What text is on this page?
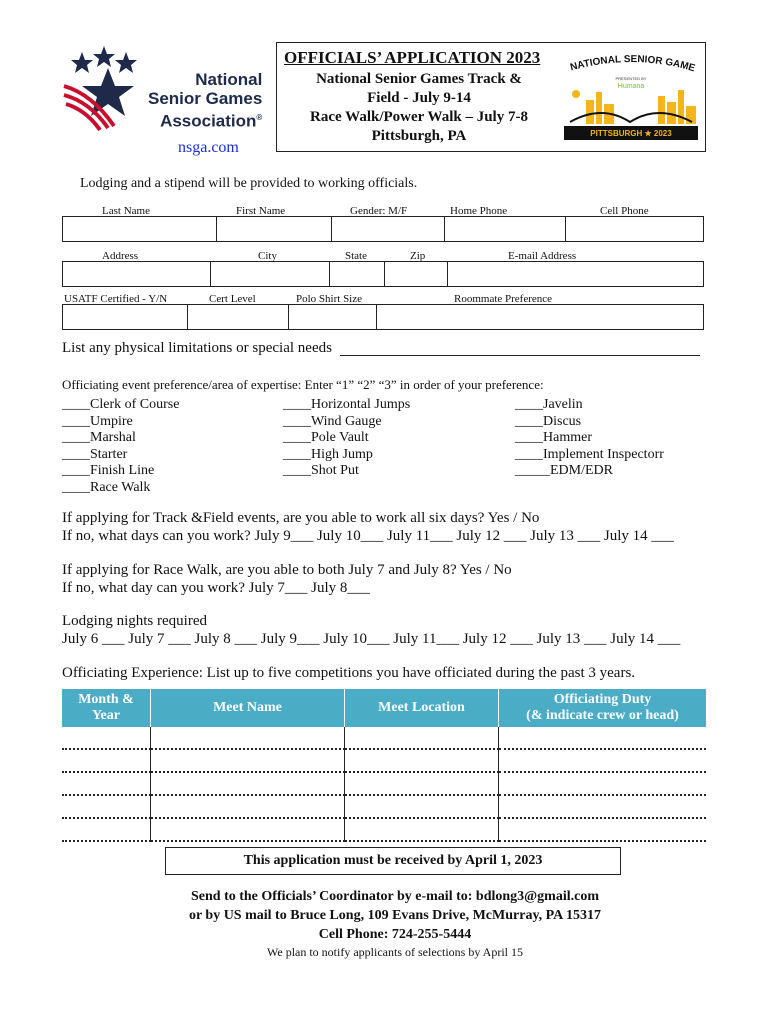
National
Senior Games
Association®
nsga.com
OFFICIALS’ APPLICATION 2023
National Senior Games Track &
Field - July 9-14
Race Walk/Power Walk – July 7-8
Pittsburgh, PA
NATIONAL SENIOR GAME
PRESENTED BY
Humana
PITTSBURGH ★ 2023
Lodging and a stipend will be provided to working officials.
Last Name	First Name	Gender: M/F	Home Phone	Cell Phone

Address	City	State	Zip	E-mail Address

USATF Certified - Y/N	Cert Level	Polo Shirt Size	Roommate Preference

List any physical limitations or special needs
Officiating event preference/area of expertise: Enter “1” “2” “3” in order of your preference:
____Clerk of Course
____Umpire
____Marshal
____Starter
____Finish Line
____Race Walk
____Horizontal Jumps
____Wind Gauge
____Pole Vault
____High Jump
____Shot Put
____Javelin
____Discus
____Hammer
____Implement Inspectorr
_____EDM/EDR
If applying for Track &Field events, are you able to work all six days? Yes / No
If no, what days can you work? July 9___ July 10___ July 11___ July 12 ___ July 13 ___ July 14 ___
If applying for Race Walk, are you able to both July 7 and July 8? Yes / No
If no, what day can you work? July 7___ July 8___
Lodging nights required
July 6 ___ July 7 ___ July 8 ___ July 9___ July 10___ July 11___ July 12 ___ July 13 ___ July 14 ___
Officiating Experience: List up to five competitions you have officiated during the past 3 years.
Month &
Year	Meet Name	Meet Location	Officiating Duty
(& indicate crew or head)

This application must be received by April 1, 2023
Send to the Officials’ Coordinator by e-mail to: bdlong3@gmail.com
or by US mail to Bruce Long, 109 Evans Drive, McMurray, PA 15317
Cell Phone: 724-255-5444
We plan to notify applicants of selections by April 15
